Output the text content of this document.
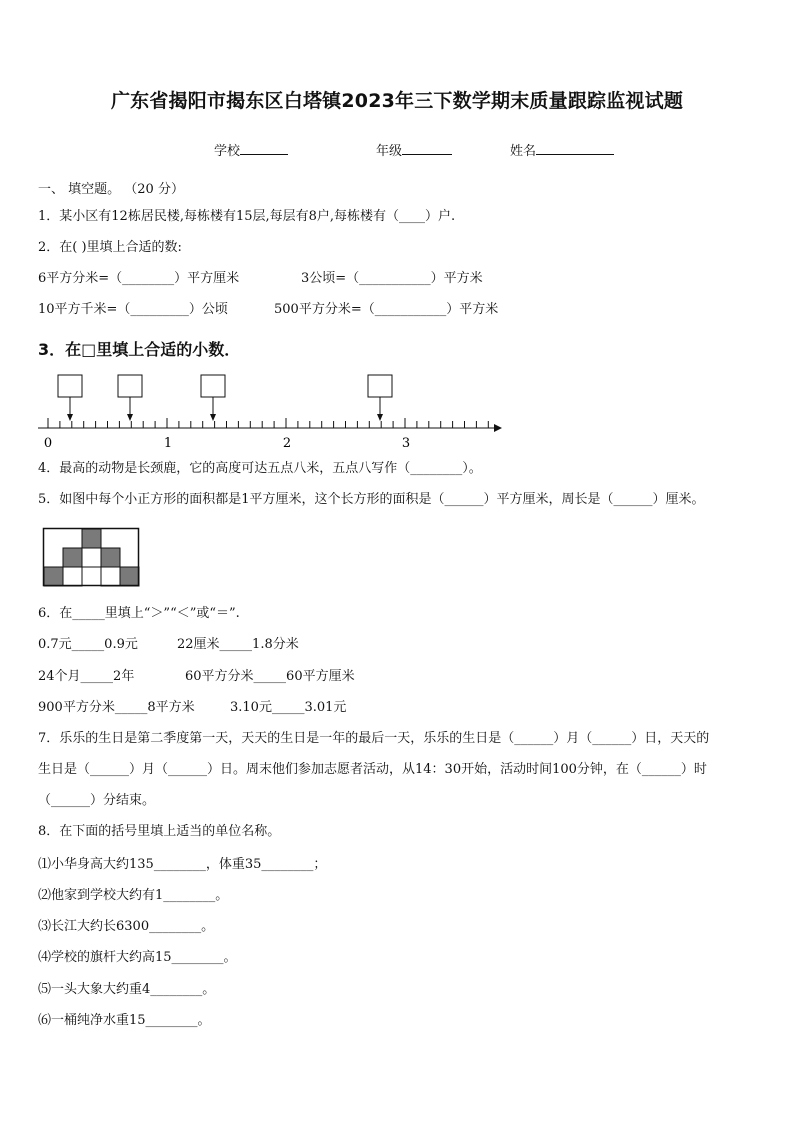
广东省揭阳市揭东区白塔镇2023年三下数学期末质量跟踪监视试题
学校	年级	姓名
一、 填空题。 （20 分）
1．某小区有12栋居民楼,每栋楼有15层,每层有8户,每栋楼有（____）户.
2．在( )里填上合适的数:
6平方分米=（________）平方厘米	3公顷=（___________）平方米
10平方千米=（_________）公顷	500平方分米=（___________）平方米
3．在□里填上合适的小数．
0	1	2	3
4．最高的动物是长颈鹿，它的高度可达五点八米，五点八写作（________）。
5．如图中每个小正方形的面积都是1平方厘米，这个长方形的面积是（______）平方厘米，周长是（______）厘米。
6．在_____里填上“＞”“＜”或“＝”.
0.7元_____0.9元	22厘米_____1.8分米
24个月_____2年	60平方分米_____60平方厘米
900平方分米_____8平方米	3.10元_____3.01元
7．乐乐的生日是第二季度第一天，天天的生日是一年的最后一天，乐乐的生日是（______）月（______）日，天天的
生日是（______）月（______）日。周末他们参加志愿者活动，从14：30开始，活动时间100分钟，在（______）时
（______）分结束。
8．在下面的括号里填上适当的单位名称。
⑴小华身高大约135________，体重35________；
⑵他家到学校大约有1________。
⑶长江大约长6300________。
⑷学校的旗杆大约高15________。
⑸一头大象大约重4________。
⑹一桶纯净水重15________。
